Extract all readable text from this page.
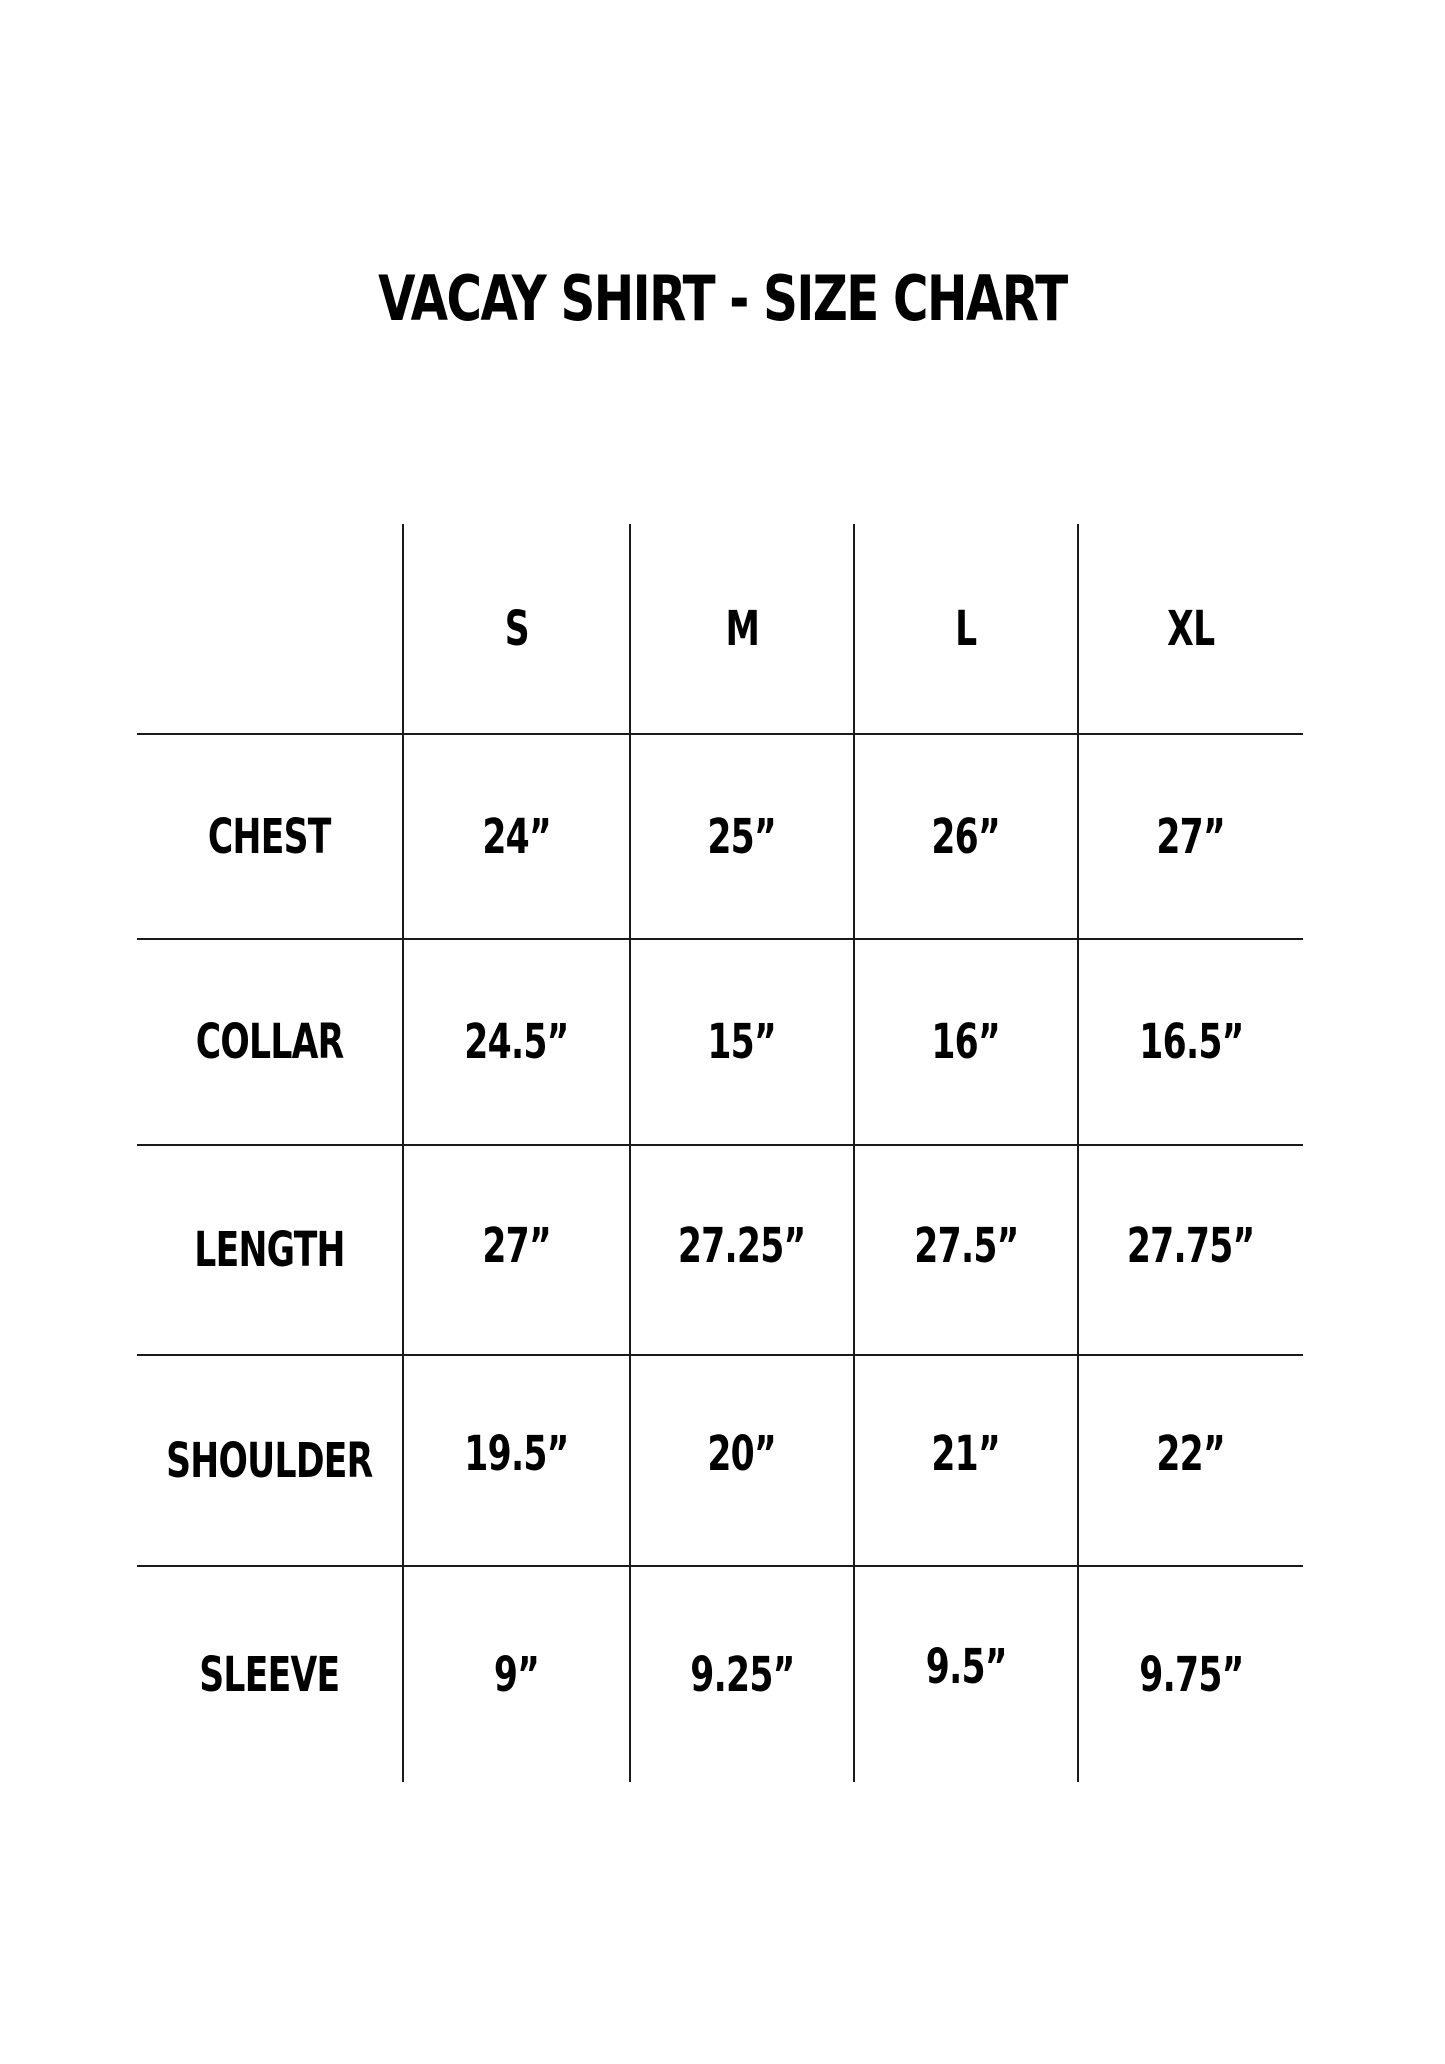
VACAY SHIRT - SIZE CHART
S	M	L	XL
CHEST	24”	25”	26”	27”
COLLAR	24.5”	15”	16”	16.5”
LENGTH	27”	27.25” 27.5” 27.75”
SHOULDER 19.5”	20”	21”	22”
SLEEVE	9”	9.25”	9.5”	9.75”
